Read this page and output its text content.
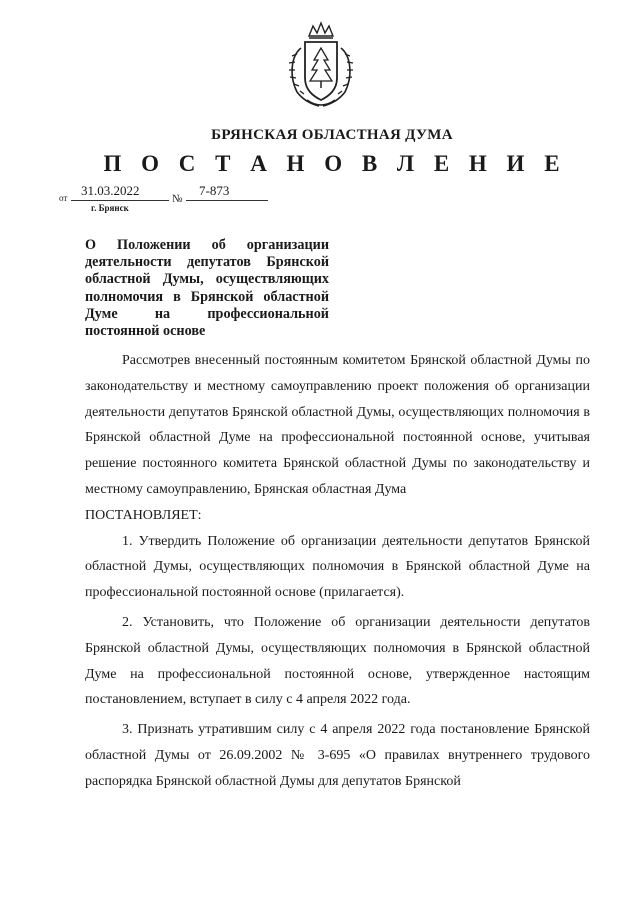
БРЯНСКАЯ ОБЛАСТНАЯ ДУМА
П О С Т А Н О В Л Е Н И Е
от 31.03.2022
№
7-873
г. Брянск
О Положении об организации деятельности депутатов Брянской областной Думы, осуществляющих полномочия в Брянской областной Думе на профессиональной постоянной основе

Рассмотрев внесенный постоянным комитетом Брянской областной Думы по законодательству и местному самоуправлению проект положения об организации деятельности депутатов Брянской областной Думы, осуществляющих полномочия в Брянской областной Думе на профессиональной постоянной основе, учитывая решение постоянного комитета Брянской областной Думы по законодательству и местному самоуправлению, Брянская областная Дума

ПОСТАНОВЛЯЕТ:

1. Утвердить Положение об организации деятельности депутатов Брянской областной Думы, осуществляющих полномочия в Брянской областной Думе на профессиональной постоянной основе (прилагается).

2. Установить, что Положение об организации деятельности депутатов Брянской областной Думы, осуществляющих полномочия в Брянской областной Думе на профессиональной постоянной основе, утвержденное настоящим постановлением, вступает в силу с 4 апреля 2022 года.

3. Признать утратившим силу с 4 апреля 2022 года постановление Брянской областной Думы от 26.09.2002 № 3-695 «О правилах внутреннего трудового распорядка Брянской областной Думы для депутатов Брянской
